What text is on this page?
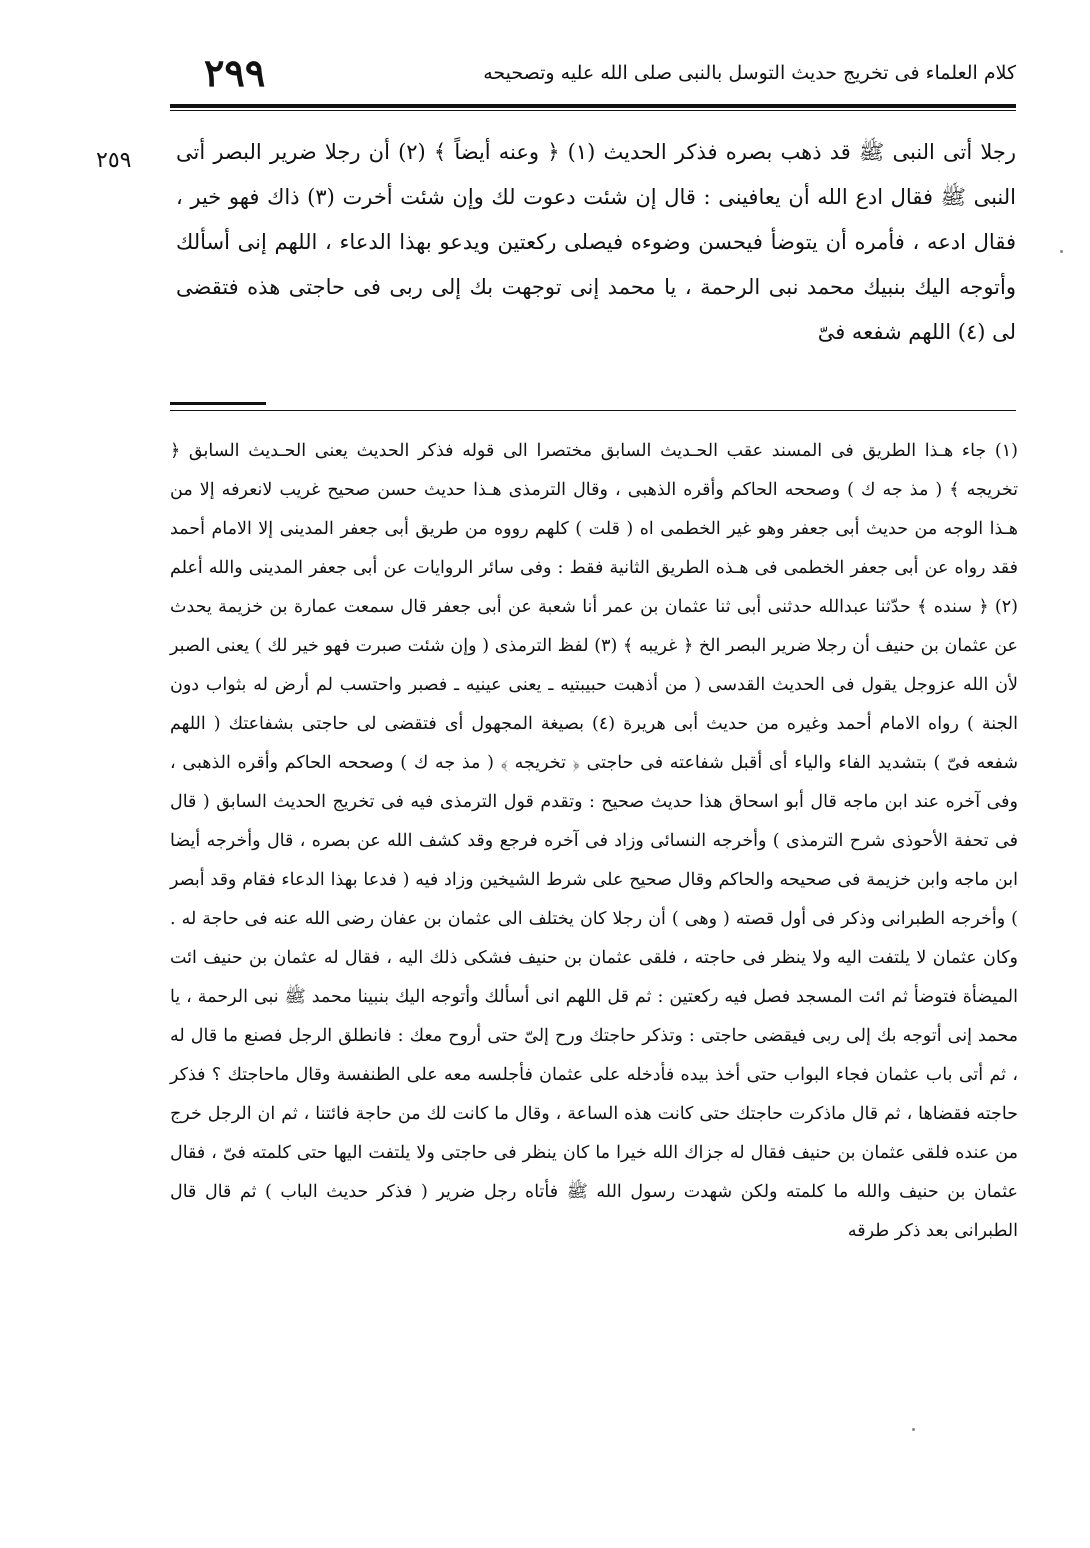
كلام العلماء فى تخريج حديث التوسل بالنبى صلى الله عليه وتصحيحه
٢٩٩
٢٥٩ رجلا أتى النبى ﷺ قد ذهب بصره فذكر الحديث (١) ﴿ وعنه أيضاً ﴾ (٢) أن رجلا ضرير البصر أتى النبى ﷺ فقال ادع الله أن يعافينى : قال إن شئت دعوت لك وإن شئت أخرت (٣) ذاك فهو خير ، فقال ادعه ، فأمره أن يتوضأ فيحسن وضوءه فيصلى ركعتين ويدعو بهذا الدعاء ، اللهم إنى أسألك وأتوجه اليك بنبيك محمد نبى الرحمة ، يا محمد إنى توجهت بك إلى ربى فى حاجتى هذه فتقضى لى (٤) اللهم شفعه فىّ

(١) جاء هـذا الطريق فى المسند عقب الحـديث السابق مختصرا الى قوله فذكر الحديث يعنى الحـديث السابق ﴿ تخريجه ﴾ ( مذ جه ك ) وصححه الحاكم وأقره الذهبى ، وقال الترمذى هـذا حديث حسن صحيح غريب لانعرفه إلا من هـذا الوجه من حديث أبى جعفر وهو غير الخطمى اه ( قلت ) كلهم رووه من طريق أبى جعفر المدينى إلا الامام أحمد فقد رواه عن أبى جعفر الخطمى فى هـذه الطريق الثانية فقط : وفى سائر الروايات عن أبى جعفر المدينى والله أعلم (٢) ﴿ سنده ﴾ حدّثنا عبدالله حدثنى أبى ثنا عثمان بن عمر أنا شعبة عن أبى جعفر قال سمعت عمارة بن خزيمة يحدث عن عثمان بن حنيف أن رجلا ضرير البصر الخ ﴿ غريبه ﴾ (٣) لفظ الترمذى ( وإن شئت صبرت فهو خير لك ) يعنى الصبر لأن الله عزوجل يقول فى الحديث القدسى ( من أذهبت حبيبتيه ـ يعنى عينيه ـ فصبر واحتسب لم أرض له بثواب دون الجنة ) رواه الامام أحمد وغيره من حديث أبى هريرة (٤) بصيغة المجهول أى فتقضى لى حاجتى بشفاعتك ( اللهم شفعه فىّ ) بتشديد الفاء والياء أى أقبل شفاعته فى حاجتى ﴿ تخريجه ﴾ ( مذ جه ك ) وصححه الحاكم وأقره الذهبى ، وفى آخره عند ابن ماجه قال أبو اسحاق هذا حديث صحيح : وتقدم قول الترمذى فيه فى تخريج الحديث السابق ( قال فى تحفة الأحوذى شرح الترمذى ) وأخرجه النسائى وزاد فى آخره فرجع وقد كشف الله عن بصره ، قال وأخرجه أيضا ابن ماجه وابن خزيمة فى صحيحه والحاكم وقال صحيح على شرط الشيخين وزاد فيه ( فدعا بهذا الدعاء فقام وقد أبصر ) وأخرجه الطبرانى وذكر فى أول قصته ( وهى ) أن رجلا كان يختلف الى عثمان بن عفان رضى الله عنه فى حاجة له . وكان عثمان لا يلتفت اليه ولا ينظر فى حاجته ، فلقى عثمان بن حنيف فشكى ذلك اليه ، فقال له عثمان بن حنيف ائت الميضأة فتوضأ ثم ائت المسجد فصل فيه ركعتين : ثم قل اللهم انى أسألك وأتوجه اليك بنبينا محمد ﷺ نبى الرحمة ، يا محمد إنى أتوجه بك إلى ربى فيقضى حاجتى : وتذكر حاجتك ورح إلىّ حتى أروح معك : فانطلق الرجل فصنع ما قال له ، ثم أتى باب عثمان فجاء البواب حتى أخذ بيده فأدخله على عثمان فأجلسه معه على الطنفسة وقال ماحاجتك ؟ فذكر حاجته فقضاها ، ثم قال ماذكرت حاجتك حتى كانت هذه الساعة ، وقال ما كانت لك من حاجة فائتنا ، ثم ان الرجل خرج من عنده فلقى عثمان بن حنيف فقال له جزاك الله خيرا ما كان ينظر فى حاجتى ولا يلتفت اليها حتى كلمته فىّ ، فقال عثمان بن حنيف والله ما كلمته ولكن شهدت رسول الله ﷺ فأتاه رجل ضرير ( فذكر حديث الباب ) ثم قال قال الطبرانى بعد ذكر طرقه
